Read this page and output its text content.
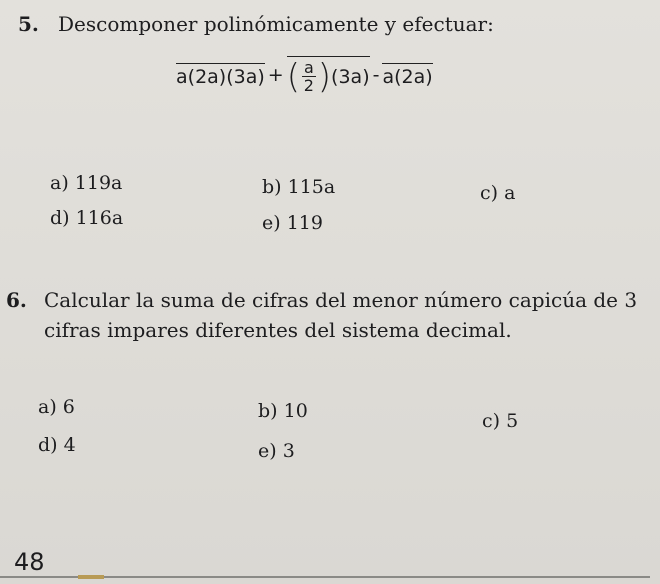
5. Descomponer polinómicamente y efectuar:
a(2a)(3a) + ( $\frac{a}{2}$ ) (3a) - a(2a)
a) 119a	b) 115a	c) a
d) 116a	e) 119
6. Calcular la suma de cifras del menor número capicúa de 3
cifras impares diferentes del sistema decimal.
a) 6	b) 10	c) 5
d) 4	e) 3
48
